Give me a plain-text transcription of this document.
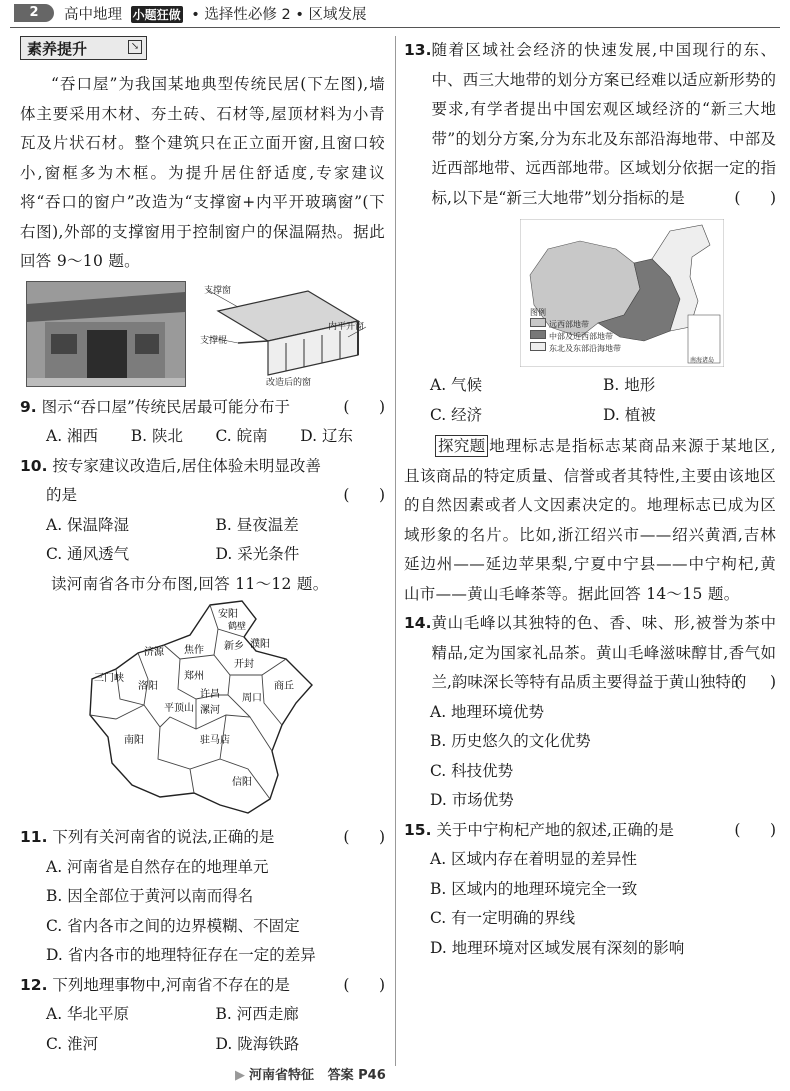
2	高中地理 小题狂做 • 选择性必修 2 • 区域发展
素养提升	↘

“吞口屋”为我国某地典型传统民居(下左图),墙体主要采用木材、夯土砖、石材等,屋顶材料为小青瓦及片状石材。整个建筑只在正立面开窗,且窗口较小,窗框多为木框。为提升居住舒适度,专家建议将“吞口的窗户”改造为“支撑窗+内平开玻璃窗”(下右图),外部的支撑窗用于控制窗户的保温隔热。据此回答 9～10 题。

支撑窗
支撑棍
内平开窗
改造后的窗
9. 图示“吞口屋”传统民居最可能分布于	(      )
A. 湘西	B. 陕北	C. 皖南	D. 辽东
10. 按专家建议改造后,居住体验未明显改善
的是	(      )
A. 保温降湿	B. 昼夜温差
C. 通风透气	D. 采光条件

读河南省各市分布图,回答 11～12 题。

安阳
鹤壁
濮阳
新乡
焦作
济源
三门峡
洛阳
郑州
开封
商丘
许昌
平顶山 漯河
周口
南阳	驻马店
信阳
11. 下列有关河南省的说法,正确的是	(      )
A. 河南省是自然存在的地理单元
B. 因全部位于黄河以南而得名
C. 省内各市之间的边界模糊、不固定
D. 省内各市的地理特征存在一定的差异
12. 下列地理事物中,河南省不存在的是	(      )
A. 华北平原	B. 河西走廊
C. 淮河	D. 陇海铁路
13. 随着区域社会经济的快速发展,中国现行的东、中、西三大地带的划分方案已经难以适应新形势的要求,有学者提出中国宏观区域经济的“新三大地带”的划分方案,分为东北及东部沿海地带、中部及近西部地带、远西部地带。区域划分依据一定的指标,以下是“新三大地带”划分指标的是	(      )
图例
远西部地带
中部及近西部地带
东北及东部沿海地带
南海诸岛
A. 气候	B. 地形
C. 经济	D. 植被

探究题 地理标志是指标志某商品来源于某地区,且该商品的特定质量、信誉或者其特性,主要由该地区的自然因素或者人文因素决定的。地理标志已成为区域形象的名片。比如,浙江绍兴市——绍兴黄酒,吉林延边州——延边苹果梨,宁夏中宁县——中宁枸杞,黄山市——黄山毛峰茶等。据此回答 14～15 题。

14. 黄山毛峰以其独特的色、香、味、形,被誉为茶中精品,定为国家礼品茶。黄山毛峰滋味醇甘,香气如兰,韵味深长等特有品质主要得益于黄山独特的
(      )
A. 地理环境优势
B. 历史悠久的文化优势
C. 科技优势
D. 市场优势
15. 关于中宁枸杞产地的叙述,正确的是	(      )
A. 区域内存在着明显的差异性
B. 区域内的地理环境完全一致
C. 有一定明确的界线
D. 地理环境对区域发展有深刻的影响
▶ 河南省特征 答案 P46
